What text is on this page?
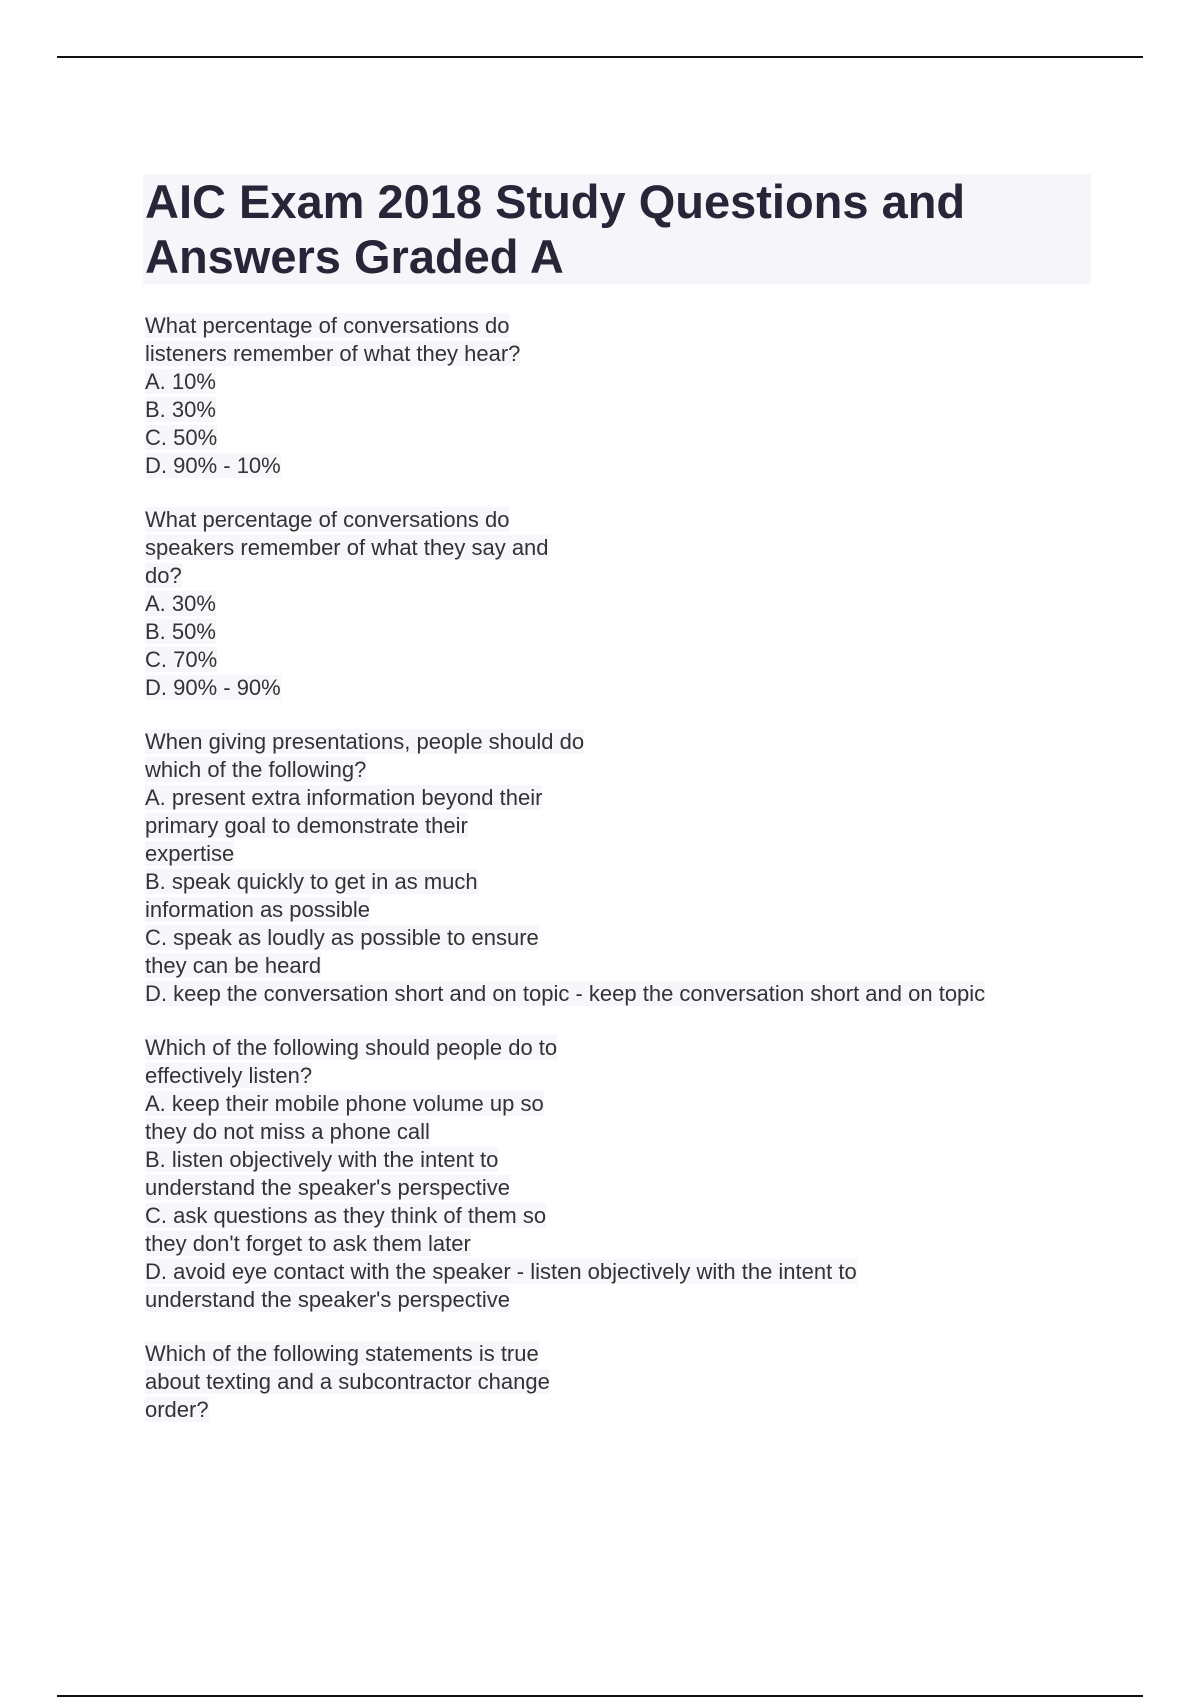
AIC Exam 2018 Study Questions and
Answers Graded A
What percentage of conversations do
listeners remember of what they hear?
A. 10%
B. 30%
C. 50%
D. 90% - 10%
What percentage of conversations do
speakers remember of what they say and
do?
A. 30%
B. 50%
C. 70%
D. 90% - 90%
When giving presentations, people should do
which of the following?
A. present extra information beyond their
primary goal to demonstrate their
expertise
B. speak quickly to get in as much
information as possible
C. speak as loudly as possible to ensure
they can be heard
D. keep the conversation short and on topic - keep the conversation short and on topic
Which of the following should people do to
effectively listen?
A. keep their mobile phone volume up so
they do not miss a phone call
B. listen objectively with the intent to
understand the speaker's perspective
C. ask questions as they think of them so
they don't forget to ask them later
D. avoid eye contact with the speaker - listen objectively with the intent to
understand the speaker's perspective
Which of the following statements is true
about texting and a subcontractor change
order?
